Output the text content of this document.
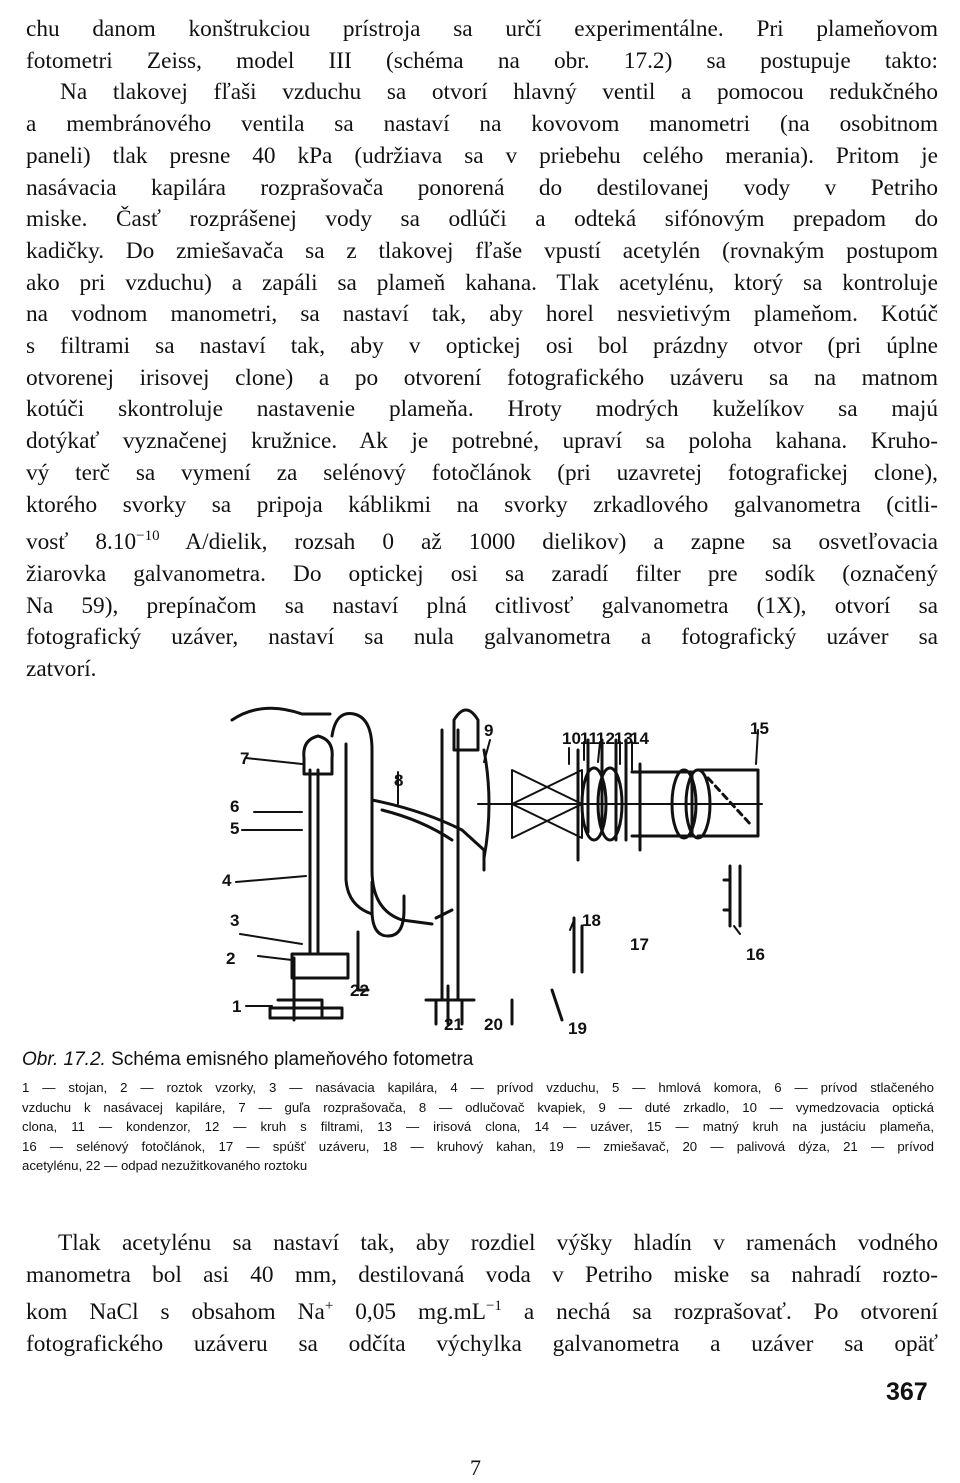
chu danom konštrukciou prístroja sa určí experimentálne. Pri plameňovom
fotometri Zeiss, model III (schéma na obr. 17.2) sa postupuje takto:
Na tlakovej fľaši vzduchu sa otvorí hlavný ventil a pomocou redukčného
a membránového ventila sa nastaví na kovovom manometri (na osobitnom
paneli) tlak presne 40 kPa (udržiava sa v priebehu celého merania). Pritom je
nasávacia kapilára rozprašovača ponorená do destilovanej vody v Petriho
miske. Časť rozprášenej vody sa odlúči a odteká sifónovým prepadom do
kadičky. Do zmiešavača sa z tlakovej fľaše vpustí acetylén (rovnakým postupom
ako pri vzduchu) a zapáli sa plameň kahana. Tlak acetylénu, ktorý sa kontroluje
na vodnom manometri, sa nastaví tak, aby horel nesvietivým plameňom. Kotúč
s filtrami sa nastaví tak, aby v optickej osi bol prázdny otvor (pri úplne
otvorenej irisovej clone) a po otvorení fotografického uzáveru sa na matnom
kotúči skontroluje nastavenie plameňa. Hroty modrých kuželíkov sa majú
dotýkať vyznačenej kružnice. Ak je potrebné, upraví sa poloha kahana. Kruho-
vý terč sa vymení za selénový fotočlánok (pri uzavretej fotografickej clone),
ktorého svorky sa pripoja káblikmi na svorky zrkadlového galvanometra (citli-
vosť $8.10^{-10}$ A/dielik, rozsah 0 až 1000 dielikov) a zapne sa osvetľovacia
žiarovka galvanometra. Do optickej osi sa zaradí filter pre sodík (označený
Na 59), prepínačom sa nastaví plná citlivosť galvanometra (1X), otvorí sa
fotografický uzáver, nastaví sa nula galvanometra a fotografický uzáver sa
zatvorí.
1
2
3
4
5
6
7
8
9	10 11
12 13
14
15
16
17
18
19
20
21
22
Obr. 17.2. Schéma emisného plameňového fotometra
1 — stojan, 2 — roztok vzorky, 3 — nasávacia kapilára, 4 — prívod vzduchu, 5 — hmlová komora, 6 — prívod stlačeného
vzduchu k nasávacej kapiláre, 7 — guľa rozprašovača, 8 — odlučovač kvapiek, 9 — duté zrkadlo, 10 — vymedzovacia optická
clona, 11 — kondenzor, 12 — kruh s filtrami, 13 — irisová clona, 14 — uzáver, 15 — matný kruh na justáciu plameňa,
16 — selénový fotočlánok, 17 — spúšť uzáveru, 18 — kruhový kahan, 19 — zmiešavač, 20 — palivová dýza, 21 — prívod
acetylénu, 22 — odpad nezužitkovaného roztoku
Tlak acetylénu sa nastaví tak, aby rozdiel výšky hladín v ramenách vodného
manometra bol asi 40 mm, destilovaná voda v Petriho miske sa nahradí rozto-
kom NaCl s obsahom Na+ 0,05 $mg.mL^{-1}$ a nechá sa rozprašovať. Po otvorení
fotografického uzáveru sa odčíta výchylka galvanometra a uzáver sa opäť
367
7
